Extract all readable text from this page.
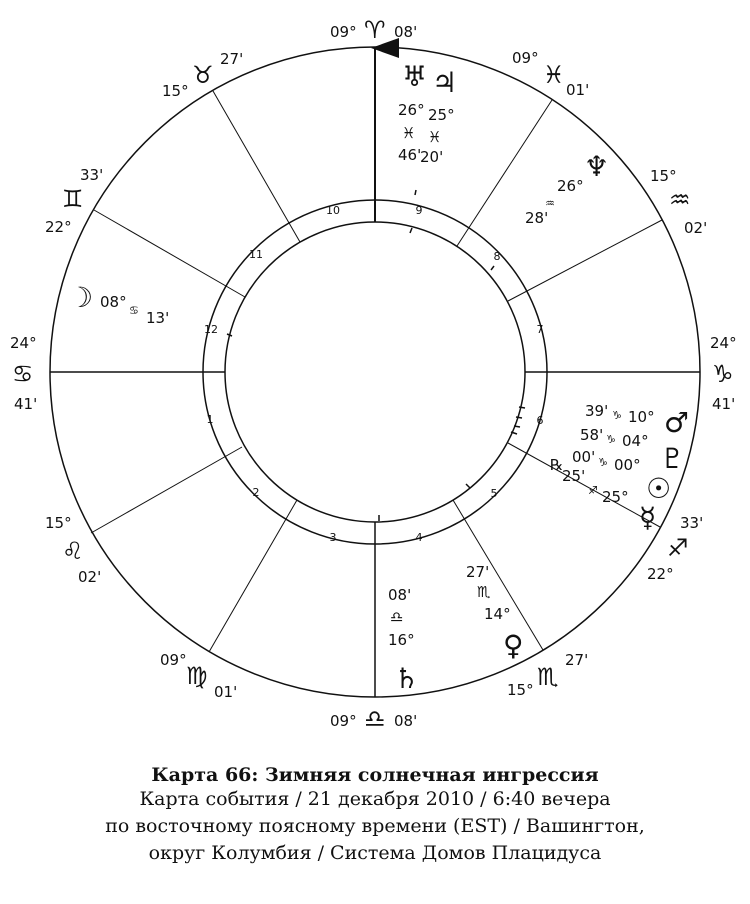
1
2
3	4
5
6
7
8
9
10
11
12
09° ♈ 08'
09°
♓
01'
15°
♒
02'
24°
♑
41'
33'
♐
22°
27'
♏
15°
09° ♎ 08'
09°
♍
01'
15°
♌
02'
24°
♋
41'
33'
♊
22°
15°
♉
27'
♅ ♃
26° 25°
♓ ♓
46'
20'	♆
26°
♒
28'
☽ 08° ♋ 13'
39' ♑ 10° ♂
58' ♑ 04°
♇
00' ♑ 00°
☉
℞
25'
♐ 25°
☿
27'
♏
14°
♀
08'
♎
16°
♄
Карта 66: Зимняя солнечная ингрессия
Карта события / 21 декабря 2010 / 6:40 вечера
по восточному поясному времени (EST) / Вашингтон,
округ Колумбия / Система Домов Плацидуса
